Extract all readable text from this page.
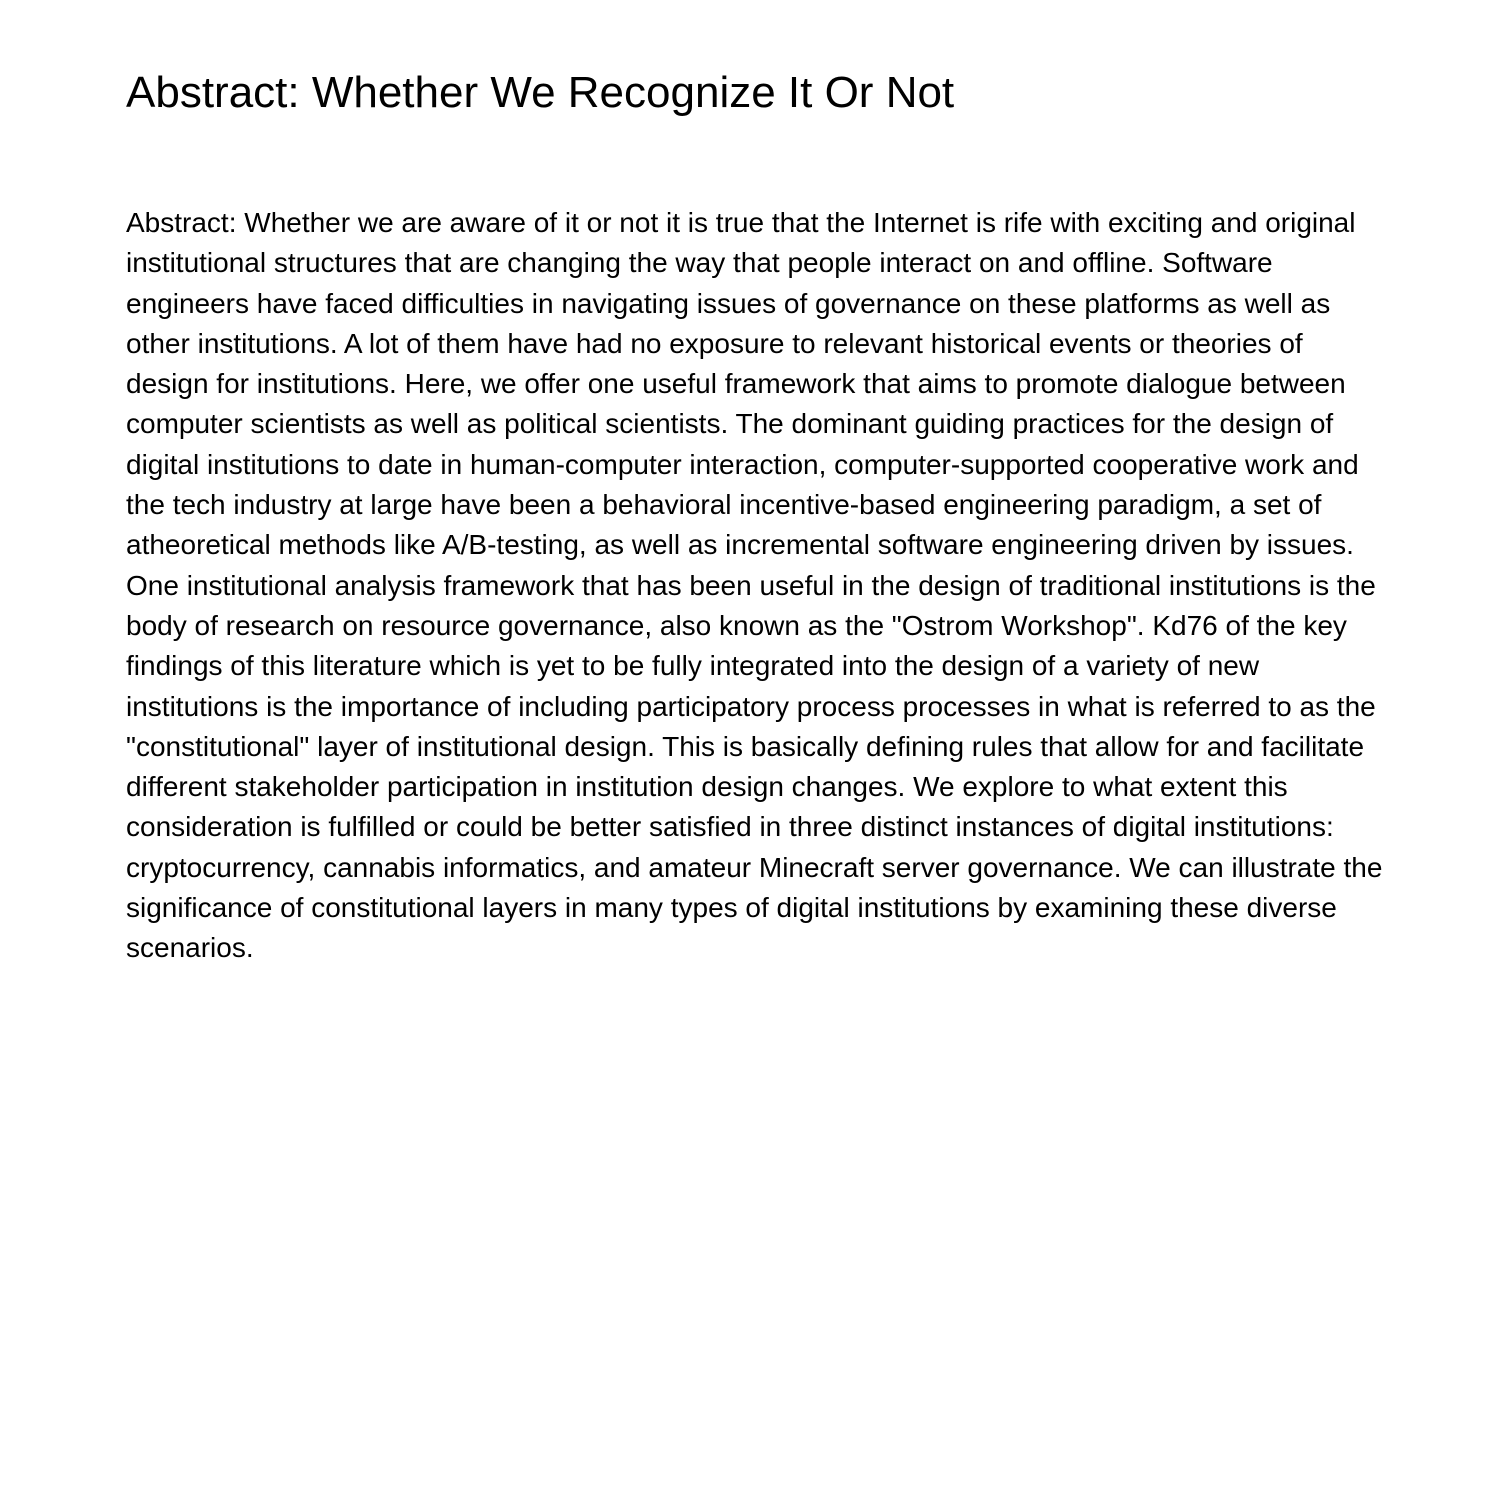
Abstract: Whether We Recognize It Or Not

Abstract: Whether we are aware of it or not it is true that the Internet is rife with exciting and original institutional structures that are changing the way that people interact on and offline. Software engineers have faced difficulties in navigating issues of governance on these platforms as well as other institutions. A lot of them have had no exposure to relevant historical events or theories of design for institutions. Here, we offer one useful framework that aims to promote dialogue between computer scientists as well as political scientists. The dominant guiding practices for the design of digital institutions to date in human-computer interaction, computer-supported cooperative work and the tech industry at large have been a behavioral incentive-based engineering paradigm, a set of atheoretical methods like A/B-testing, as well as incremental software engineering driven by issues. One institutional analysis framework that has been useful in the design of traditional institutions is the body of research on resource governance, also known as the "Ostrom Workshop". Kd76 of the key findings of this literature which is yet to be fully integrated into the design of a variety of new institutions is the importance of including participatory process processes in what is referred to as the "constitutional" layer of institutional design. This is basically defining rules that allow for and facilitate different stakeholder participation in institution design changes. We explore to what extent this consideration is fulfilled or could be better satisfied in three distinct instances of digital institutions: cryptocurrency, cannabis informatics, and amateur Minecraft server governance. We can illustrate the significance of constitutional layers in many types of digital institutions by examining these diverse scenarios.
